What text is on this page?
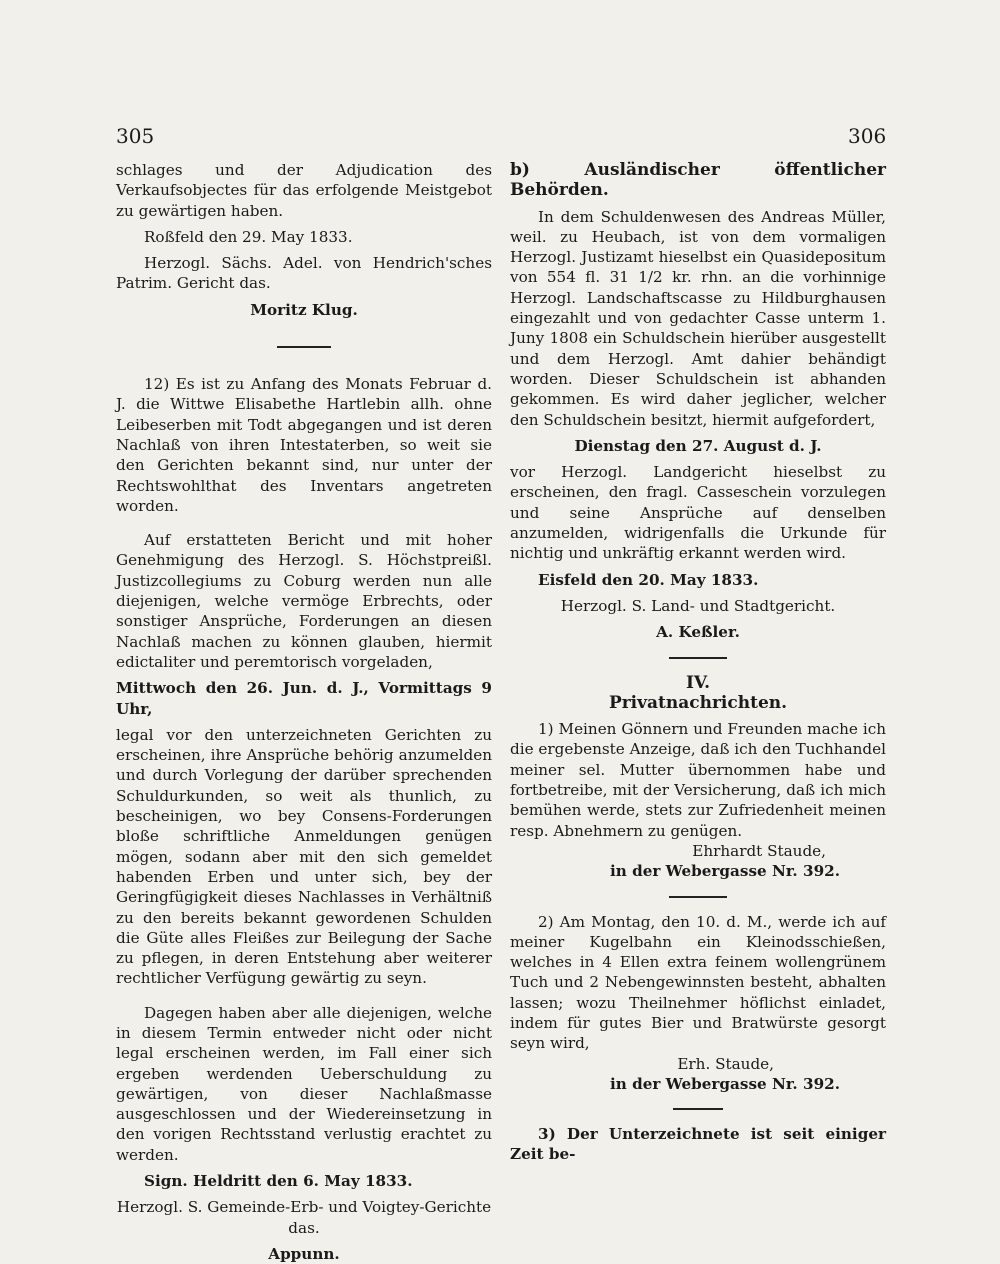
305	306

schlages und der Adjudication des Verkaufsobjectes für das erfolgende Meistgebot zu gewärtigen haben.

Roßfeld den 29. May 1833.

Herzogl. Sächs. Adel. von Hendrich'sches Patrim. Gericht das.

Moritz Klug.

12) Es ist zu Anfang des Monats Februar d. J. die Wittwe Elisabethe Hartlebin allh. ohne Leibeserben mit Todt abgegangen und ist deren Nachlaß von ihren Intestaterben, so weit sie den Gerichten bekannt sind, nur unter der Rechtswohlthat des Inventars angetreten worden.

Auf erstatteten Bericht und mit hoher Genehmigung des Herzogl. S. Höchstpreißl. Justizcollegiums zu Coburg werden nun alle diejenigen, welche vermöge Erbrechts, oder sonstiger Ansprüche, Forderungen an diesen Nachlaß machen zu können glauben, hiermit edictaliter und peremtorisch vorgeladen,

Mittwoch den 26. Jun. d. J., Vormittags 9 Uhr,

legal vor den unterzeichneten Gerichten zu erscheinen, ihre Ansprüche behörig anzumelden und durch Vorlegung der darüber sprechenden Schuldurkunden, so weit als thunlich, zu bescheinigen, wo bey Consens-Forderungen bloße schriftliche Anmeldungen genügen mögen, sodann aber mit den sich gemeldet habenden Erben und unter sich, bey der Geringfügigkeit dieses Nachlasses in Verhältniß zu den bereits bekannt gewordenen Schulden die Güte alles Fleißes zur Beilegung der Sache zu pflegen, in deren Entstehung aber weiterer rechtlicher Verfügung gewärtig zu seyn.

Dagegen haben aber alle diejenigen, welche in diesem Termin entweder nicht oder nicht legal erscheinen werden, im Fall einer sich ergeben werdenden Ueberschuldung zu gewärtigen, von dieser Nachlaßmasse ausgeschlossen und der Wiedereinsetzung in den vorigen Rechtsstand verlustig erachtet zu werden.

Sign. Heldritt den 6. May 1833.

Herzogl. S. Gemeinde-Erb- und Voigtey-Gerichte das.

Appunn.

b) Ausländischer öffentlicher Behörden.

In dem Schuldenwesen des Andreas Müller, weil. zu Heubach, ist von dem vormaligen Herzogl. Justizamt hieselbst ein Quasidepositum von 554 fl. 31 1/2 kr. rhn. an die vorhinnige Herzogl. Landschaftscasse zu Hildburghausen eingezahlt und von gedachter Casse unterm 1. Juny 1808 ein Schuldschein hierüber ausgestellt und dem Herzogl. Amt dahier behändigt worden. Dieser Schuldschein ist abhanden gekommen. Es wird daher jeglicher, welcher den Schuldschein besitzt, hiermit aufgefordert,

Dienstag den 27. August d. J.

vor Herzogl. Landgericht hieselbst zu erscheinen, den fragl. Casseschein vorzulegen und seine Ansprüche auf denselben anzumelden, widrigenfalls die Urkunde für nichtig und unkräftig erkannt werden wird.

Eisfeld den 20. May 1833.

Herzogl. S. Land- und Stadtgericht.

A. Keßler.

IV.

Privatnachrichten.

1) Meinen Gönnern und Freunden mache ich die ergebenste Anzeige, daß ich den Tuchhandel meiner sel. Mutter übernommen habe und fortbetreibe, mit der Versicherung, daß ich mich bemühen werde, stets zur Zufriedenheit meinen resp. Abnehmern zu genügen.

Ehrhardt Staude,

in der Webergasse Nr. 392.

2) Am Montag, den 10. d. M., werde ich auf meiner Kugelbahn ein Kleinodsschießen, welches in 4 Ellen extra feinem wollengrünem Tuch und 2 Nebengewinnsten besteht, abhalten lassen; wozu Theilnehmer höflichst einladet, indem für gutes Bier und Bratwürste gesorgt seyn wird,

Erh. Staude,

in der Webergasse Nr. 392.

3) Der Unterzeichnete ist seit einiger Zeit be-
